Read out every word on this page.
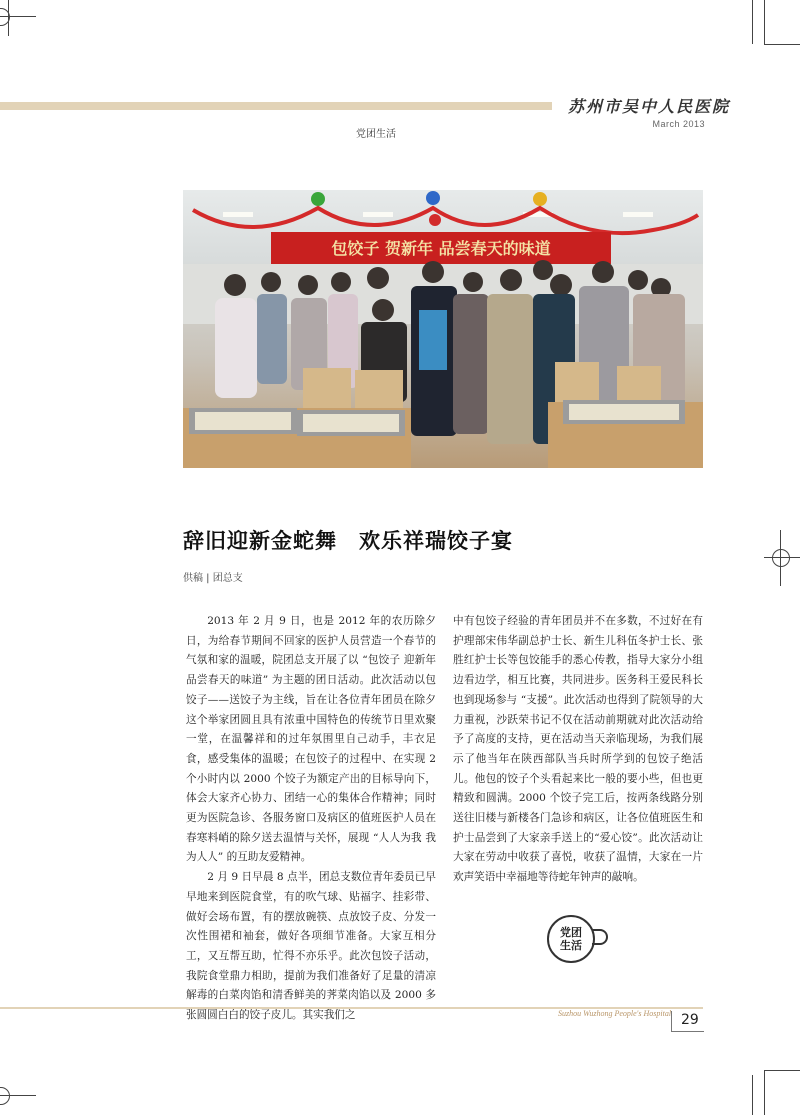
苏州市吴中人民医院
March 2013
党团生活
包饺子 贺新年 品尝春天的味道
辞旧迎新金蛇舞　欢乐祥瑞饺子宴
供稿 | 团总支

2013 年 2 月 9 日，也是 2012 年的农历除夕日，为给春节期间不回家的医护人员营造一个春节的气氛和家的温暖，院团总支开展了以 “包饺子 迎新年 品尝春天的味道” 为主题的团日活动。此次活动以包饺子——送饺子为主线，旨在让各位青年团员在除夕这个举家团圆且具有浓重中国特色的传统节日里欢聚一堂，在温馨祥和的过年氛围里自己动手，丰衣足食，感受集体的温暖；在包饺子的过程中、在实现 2 个小时内以 2000 个饺子为额定产出的目标导向下，体会大家齐心协力、团结一心的集体合作精神；同时更为医院急诊、各服务窗口及病区的值班医护人员在春寒料峭的除夕送去温情与关怀，展现 “人人为我 我为人人” 的互助友爱精神。

2 月 9 日早晨 8 点半，团总支数位青年委员已早早地来到医院食堂，有的吹气球、贴福字、挂彩带、做好会场布置，有的摆放碗筷、点放饺子皮、分发一次性围裙和袖套，做好各项细节准备。大家互相分工，又互帮互助，忙得不亦乐乎。此次包饺子活动，我院食堂鼎力相助，提前为我们准备好了足量的清凉解毒的白菜肉馅和清香鲜美的荠菜肉馅以及 2000 多张圆圆白白的饺子皮儿。其实我们之

中有包饺子经验的青年团员并不在多数，不过好在有护理部宋伟华副总护士长、新生儿科伍冬护士长、张胜红护士长等包饺能手的悉心传教，指导大家分小组边看边学，相互比赛，共同进步。医务科王爱民科长也到现场参与 “支援”。此次活动也得到了院领导的大力重视，沙跃荣书记不仅在活动前期就对此次活动给予了高度的支持，更在活动当天亲临现场，为我们展示了他当年在陕西部队当兵时所学到的包饺子绝活儿。他包的饺子个头看起来比一般的要小些，但也更精致和圆满。2000 个饺子完工后，按两条线路分别送往旧楼与新楼各门急诊和病区，让各位值班医生和护士品尝到了大家亲手送上的“爱心饺”。此次活动让大家在劳动中收获了喜悦，收获了温情，大家在一片欢声笑语中幸福地等待蛇年钟声的敲响。

党团
生活
Suzhou Wuzhong People's Hospital 29
